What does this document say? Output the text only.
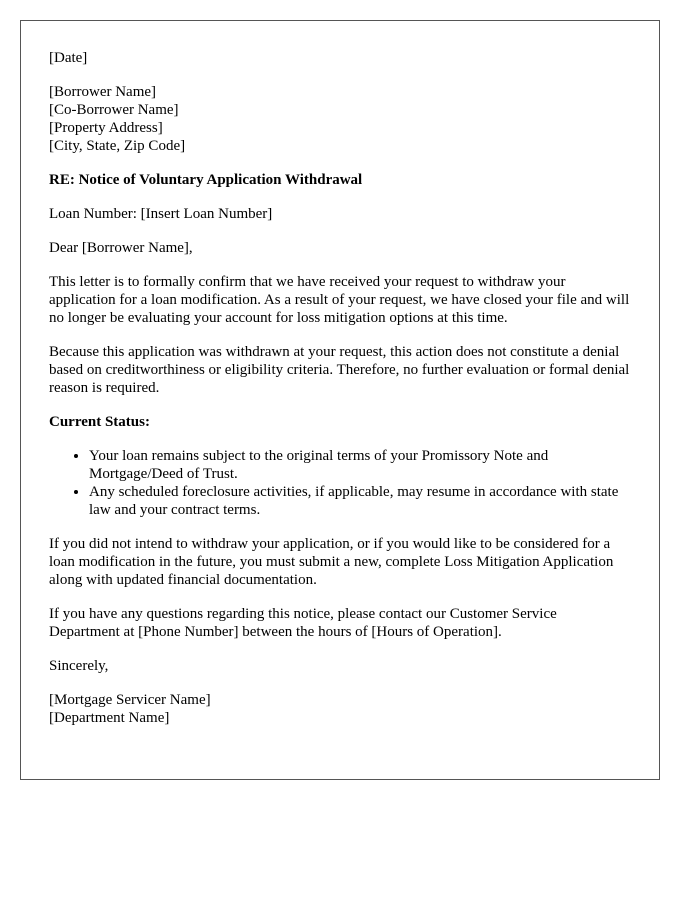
[Date]

[Borrower Name]
[Co-Borrower Name]
[Property Address]
[City, State, Zip Code]

RE: Notice of Voluntary Application Withdrawal

Loan Number: [Insert Loan Number]

Dear [Borrower Name],

This letter is to formally confirm that we have received your request to withdraw your application for a loan modification. As a result of your request, we have closed your file and will no longer be evaluating your account for loss mitigation options at this time.

Because this application was withdrawn at your request, this action does not constitute a denial based on creditworthiness or eligibility criteria. Therefore, no further evaluation or formal denial reason is required.

Current Status:

• Your loan remains subject to the original terms of your Promissory Note and Mortgage/Deed of Trust.
• Any scheduled foreclosure activities, if applicable, may resume in accordance with state law and your contract terms.

If you did not intend to withdraw your application, or if you would like to be considered for a loan modification in the future, you must submit a new, complete Loss Mitigation Application along with updated financial documentation.

If you have any questions regarding this notice, please contact our Customer Service Department at [Phone Number] between the hours of [Hours of Operation].

Sincerely,

[Mortgage Servicer Name]
[Department Name]
